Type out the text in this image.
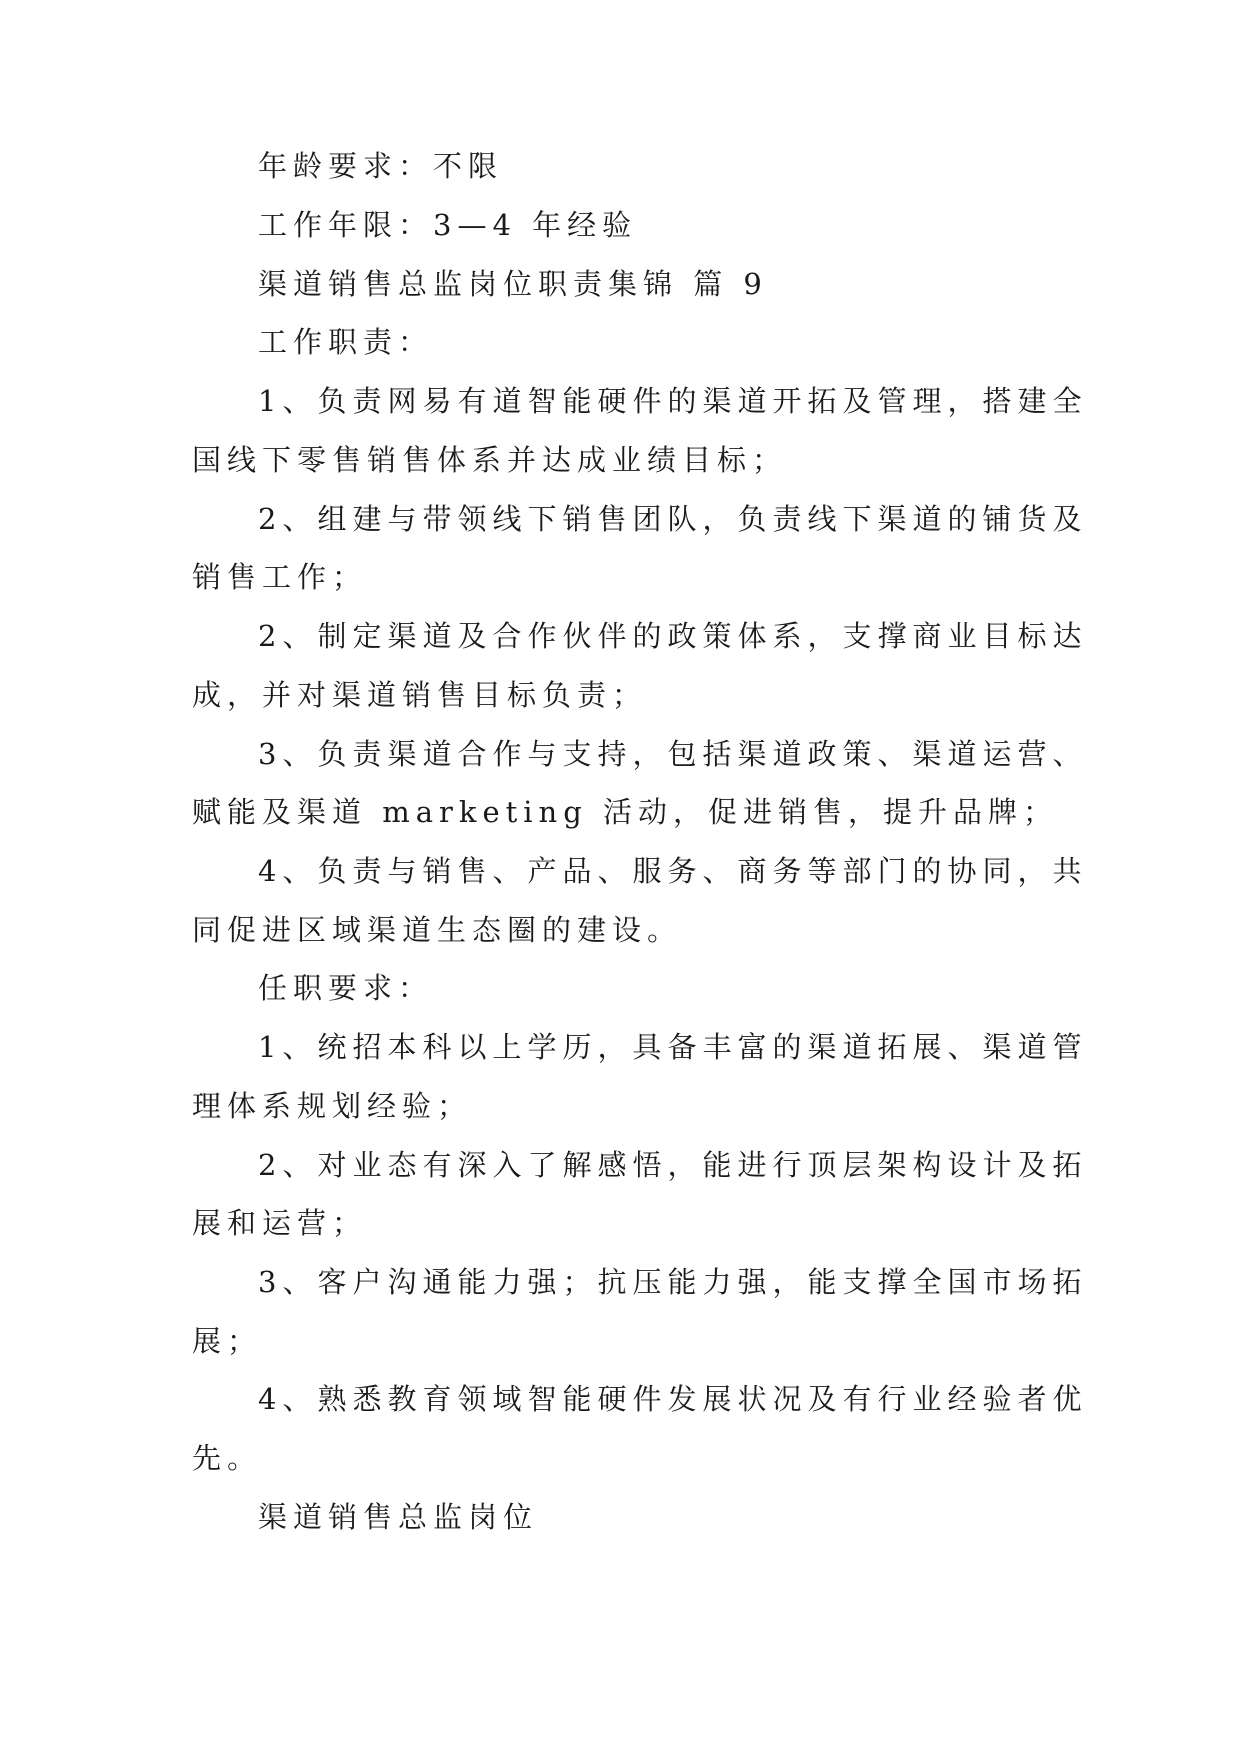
年龄要求：不限
工作年限：3—4 年经验
渠道销售总监岗位职责集锦 篇 9
工作职责：
1、负责网易有道智能硬件的渠道开拓及管理，搭建全
国线下零售销售体系并达成业绩目标；
2、组建与带领线下销售团队，负责线下渠道的铺货及
销售工作；
2、制定渠道及合作伙伴的政策体系，支撑商业目标达
成，并对渠道销售目标负责；
3、负责渠道合作与支持，包括渠道政策、渠道运营、
赋能及渠道 marketing 活动，促进销售，提升品牌；
4、负责与销售、产品、服务、商务等部门的协同，共
同促进区域渠道生态圈的建设。
任职要求：
1、统招本科以上学历，具备丰富的渠道拓展、渠道管
理体系规划经验；
2、对业态有深入了解感悟，能进行顶层架构设计及拓
展和运营；
3、客户沟通能力强；抗压能力强，能支撑全国市场拓
展；
4、熟悉教育领域智能硬件发展状况及有行业经验者优
先。
渠道销售总监岗位
